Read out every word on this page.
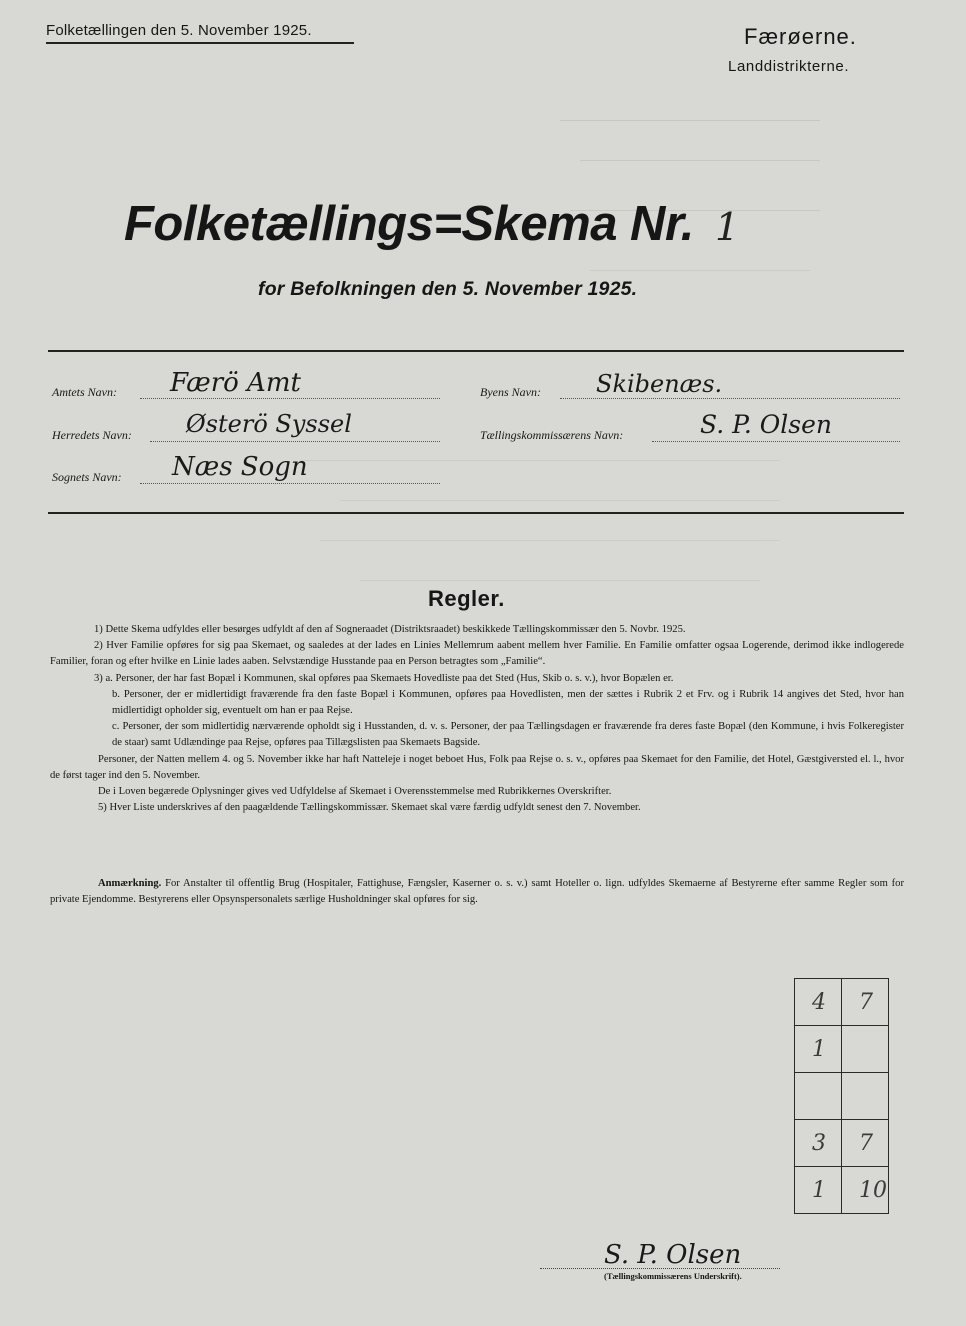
Folketællingen den 5. November 1925.	Færøerne.
Landdistrikterne.
Folketællings=Skema Nr. 1
for Befolkningen den 5. November 1925.
Amtets Navn: Færö Amt	Byens Navn: Skibenæs.
Herredets Navn: Østerö Syssel	Tællingskommissærens Navn:	S. P. Olsen
Sognets Navn: Næs Sogn
Regler.

1) Dette Skema udfyldes eller besørges udfyldt af den af Sogneraadet (Distriktsraadet) beskikkede Tællingskommissær den 5. Novbr. 1925.

2) Hver Familie opføres for sig paa Skemaet, og saaledes at der lades en Linies Mellemrum aabent mellem hver Familie. En Familie omfatter ogsaa Logerende, derimod ikke indlogerede Familier, foran og efter hvilke en Linie lades aaben. Selvstændige Husstande paa en Person betragtes som „Familie“.

3) a. Personer, der har fast Bopæl i Kommunen, skal opføres paa Skemaets Hovedliste paa det Sted (Hus, Skib o. s. v.), hvor Bopælen er.

b. Personer, der er midlertidigt fraværende fra den faste Bopæl i Kommunen, opføres paa Hovedlisten, men der sættes i Rubrik 2 et Frv. og i Rubrik 14 angives det Sted, hvor han midlertidigt opholder sig, eventuelt om han er paa Rejse.

c. Personer, der som midlertidig nærværende opholdt sig i Husstanden, d. v. s. Personer, der paa Tællingsdagen er fraværende fra deres faste Bopæl (den Kommune, i hvis Folkeregister de staar) samt Udlændinge paa Rejse, opføres paa Tillægslisten paa Skemaets Bagside.

Personer, der Natten mellem 4. og 5. November ikke har haft Natteleje i noget beboet Hus, Folk paa Rejse o. s. v., opføres paa Skemaet for den Familie, det Hotel, Gæstgiversted el. l., hvor de først tager ind den 5. November.

De i Loven begærede Oplysninger gives ved Udfyldelse af Skemaet i Overensstemmelse med Rubrikkernes Overskrifter.

5) Hver Liste underskrives af den paagældende Tællingskommissær. Skemaet skal være færdig udfyldt senest den 7. November.

Anmærkning. For Anstalter til offentlig Brug (Hospitaler, Fattighuse, Fængsler, Kaserner o. s. v.) samt Hoteller o. lign. udfyldes Skemaerne af Bestyrerne efter samme Regler som for private Ejendomme. Bestyrerens eller Opsynspersonalets særlige Husholdninger skal opføres for sig.

S. P. Olsen
(Tællingskommissærens Underskrift).
4 7
1
3 7
1 10
